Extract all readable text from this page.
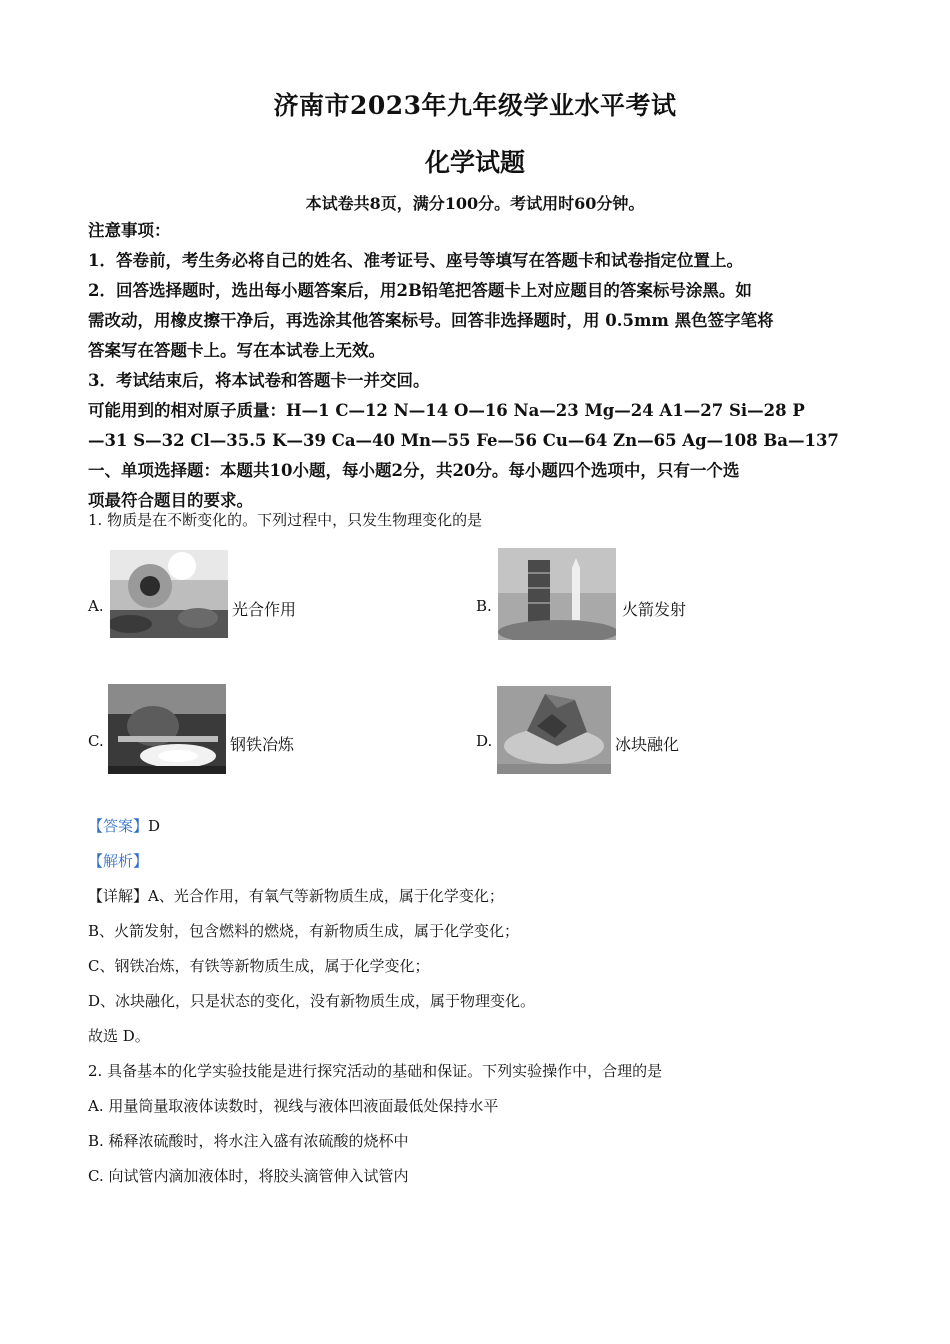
济南市2023年九年级学业水平考试
化学试题
本试卷共8页，满分100分。考试用时60分钟。
注意事项：
1．答卷前，考生务必将自己的姓名、准考证号、座号等填写在答题卡和试卷指定位置上。
2．回答选择题时，选出每小题答案后，用2B铅笔把答题卡上对应题目的答案标号涂黑。如
需改动，用橡皮擦干净后，再选涂其他答案标号。回答非选择题时，用 0.5mm 黑色签字笔将
答案写在答题卡上。写在本试卷上无效。
3．考试结束后，将本试卷和答题卡一并交回。
可能用到的相对原子质量：H—1 C—12 N—14 O—16 Na—23 Mg—24 A1—27 Si—28 P
—31 S—32 Cl—35.5 K—39 Ca—40 Mn—55 Fe—56 Cu—64 Zn—65 Ag—108 Ba—137
一、单项选择题：本题共10小题，每小题2分，共20分。每小题四个选项中，只有一个选
项最符合题目的要求。
1. 物质是在不断变化的。下列过程中，只发生物理变化的是
A.	光合作用	B.	火箭发射
C.	钢铁冶炼	D.	冰块融化
【答案】D
【解析】
【详解】A、光合作用，有氧气等新物质生成，属于化学变化；
B、火箭发射，包含燃料的燃烧，有新物质生成，属于化学变化；
C、钢铁冶炼，有铁等新物质生成，属于化学变化；
D、冰块融化，只是状态的变化，没有新物质生成，属于物理变化。
故选 D。
2. 具备基本的化学实验技能是进行探究活动的基础和保证。下列实验操作中，合理的是
A. 用量筒量取液体读数时，视线与液体凹液面最低处保持水平
B. 稀释浓硫酸时，将水注入盛有浓硫酸的烧杯中
C. 向试管内滴加液体时，将胶头滴管伸入试管内
